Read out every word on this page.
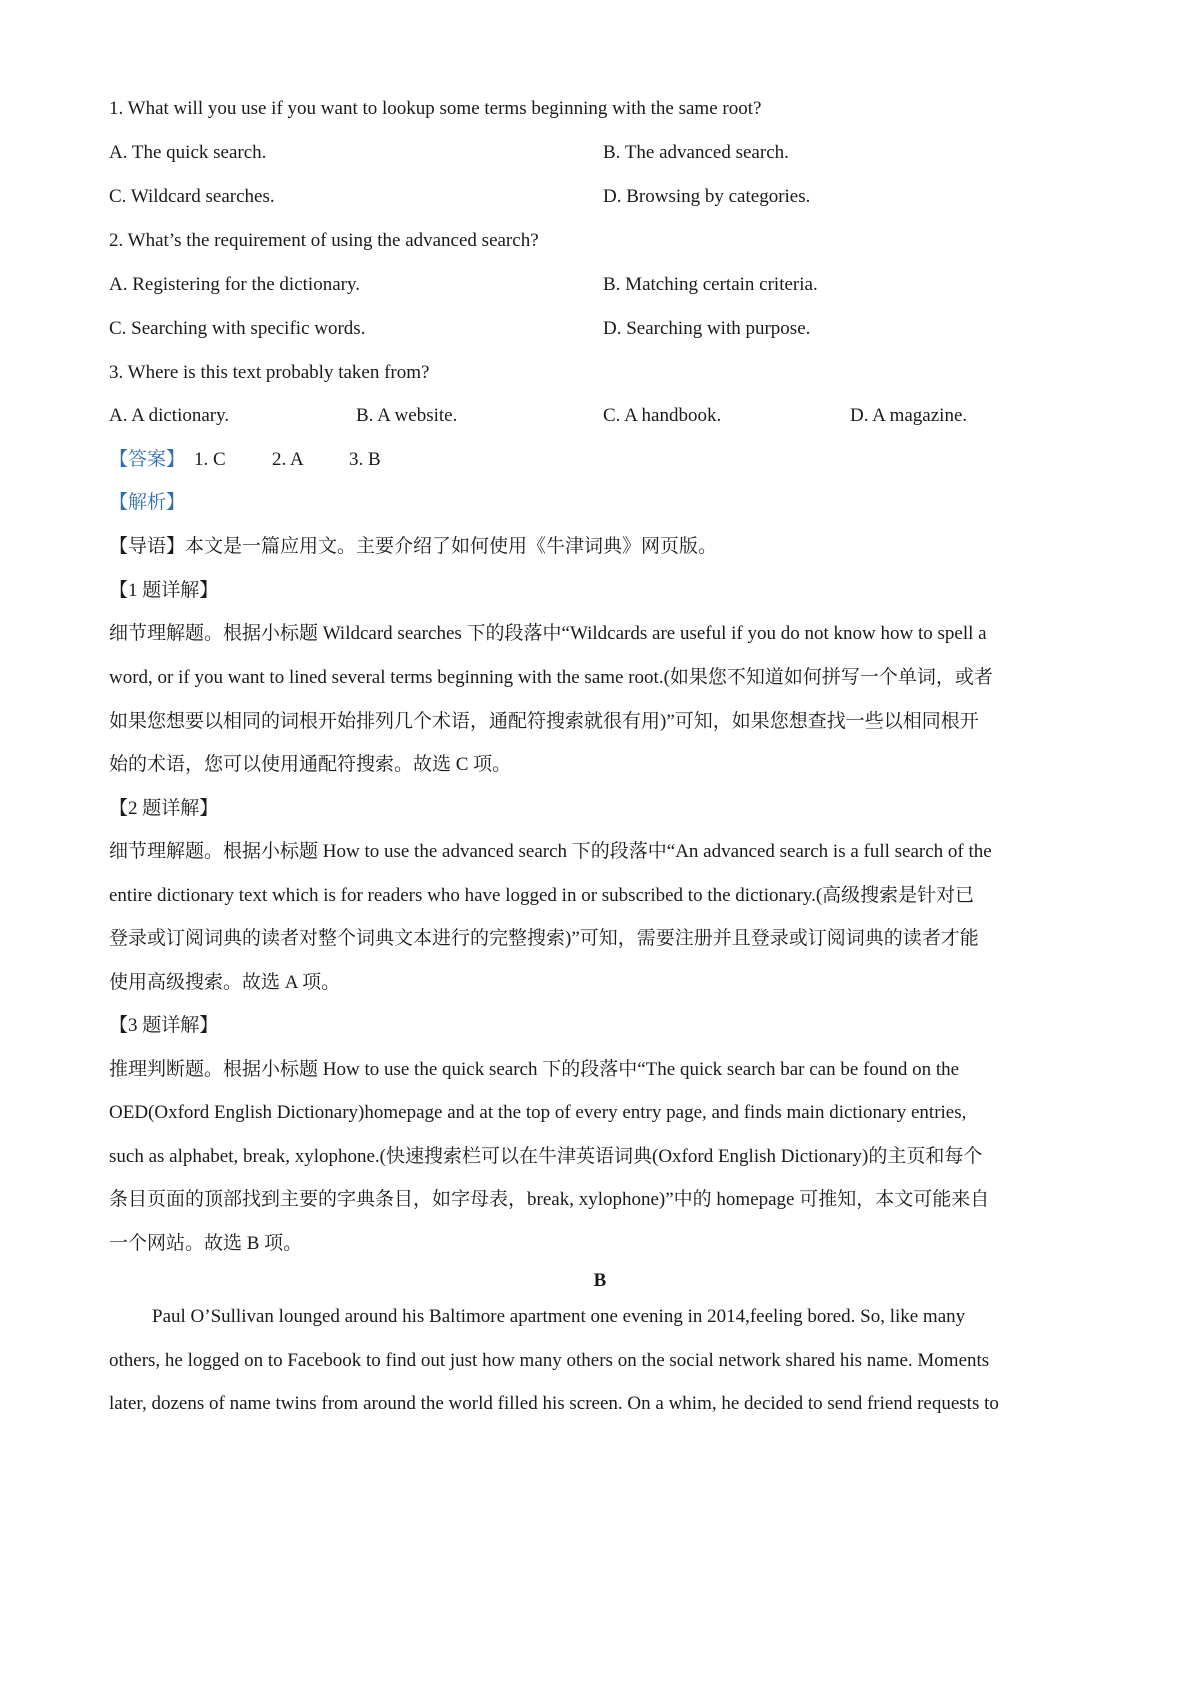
1. What will you use if you want to lookup some terms beginning with the same root?
A. The quick search.	B. The advanced search.
C. Wildcard searches.	D. Browsing by categories.
2. What’s the requirement of using the advanced search?
A. Registering for the dictionary.	B. Matching certain criteria.
C. Searching with specific words.	D. Searching with purpose.
3. Where is this text probably taken from?
A. A dictionary.	B. A website.	C. A handbook.	D. A magazine.
【答案】 1. C 2. A 3. B
【解析】
【导语】本文是一篇应用文。主要介绍了如何使用《牛津词典》网页版。
【1 题详解】
细节理解题。根据小标题 Wildcard searches 下的段落中“Wildcards are useful if you do not know how to spell a
word, or if you want to lined several terms beginning with the same root.(如果您不知道如何拼写一个单词，或者
如果您想要以相同的词根开始排列几个术语，通配符搜索就很有用)”可知，如果您想查找一些以相同根开
始的术语，您可以使用通配符搜索。故选 C 项。
【2 题详解】
细节理解题。根据小标题 How to use the advanced search 下的段落中“An advanced search is a full search of the
entire dictionary text which is for readers who have logged in or subscribed to the dictionary.(高级搜索是针对已
登录或订阅词典的读者对整个词典文本进行的完整搜索)”可知，需要注册并且登录或订阅词典的读者才能
使用高级搜索。故选 A 项。
【3 题详解】
推理判断题。根据小标题 How to use the quick search 下的段落中“The quick search bar can be found on the
OED(Oxford English Dictionary)homepage and at the top of every entry page, and finds main dictionary entries,
such as alphabet, break, xylophone.(快速搜索栏可以在牛津英语词典(Oxford English Dictionary)的主页和每个
条目页面的顶部找到主要的字典条目，如字母表，break, xylophone)”中的 homepage 可推知，本文可能来自
一个网站。故选 B 项。
B
Paul O’Sullivan lounged around his Baltimore apartment one evening in 2014,feeling bored. So, like many
others, he logged on to Facebook to find out just how many others on the social network shared his name. Moments
later, dozens of name twins from around the world filled his screen. On a whim, he decided to send friend requests to
